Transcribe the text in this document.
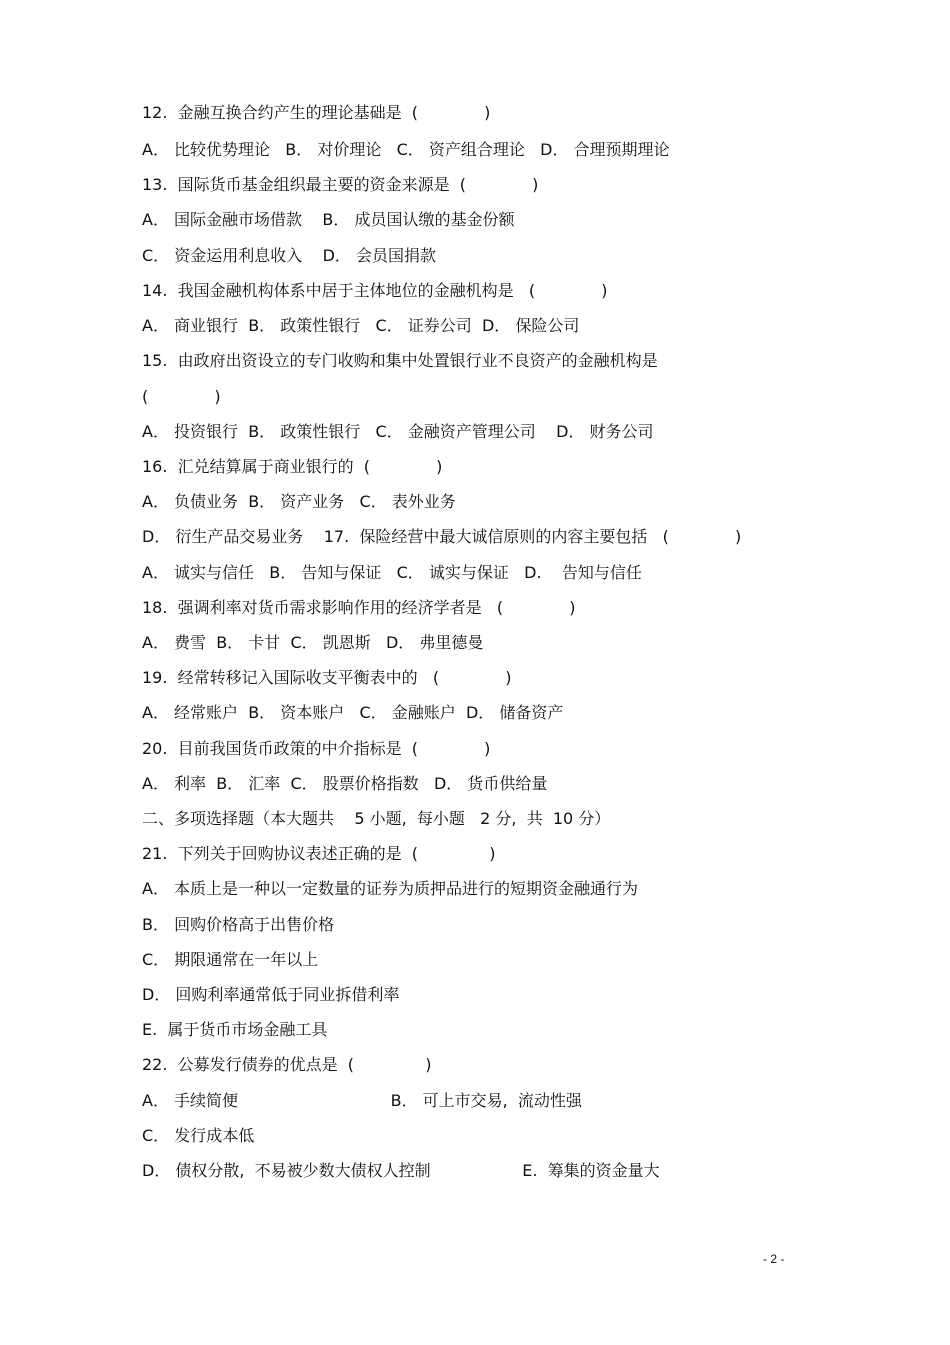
12.  金融互换合约产生的理论基础是  (             )
A． 比较优势理论   B． 对价理论   C． 资产组合理论   D． 合理预期理论
13.  国际货币基金组织最主要的资金来源是  (             )
A． 国际金融市场借款    B． 成员国认缴的基金份额
C． 资金运用利息收入    D． 会员国捐款
14.  我国金融机构体系中居于主体地位的金融机构是   (             )
A． 商业银行  B． 政策性银行   C． 证券公司  D． 保险公司
15.  由政府出资设立的专门收购和集中处置银行业不良资产的金融机构是
(             )
A． 投资银行  B． 政策性银行   C． 金融资产管理公司    D． 财务公司
16.  汇兑结算属于商业银行的  (             )
A． 负债业务  B． 资产业务   C． 表外业务
D． 衍生产品交易业务    17.  保险经营中最大诚信原则的内容主要包括   (             )
A． 诚实与信任   B． 告知与保证   C． 诚实与保证   D.    告知与信任
18.  强调利率对货币需求影响作用的经济学者是   (             )
A． 费雪  B． 卡甘  C． 凯恩斯   D． 弗里德曼
19.  经常转移记入国际收支平衡表中的   (             )
A． 经常账户  B． 资本账户   C． 金融账户  D． 储备资产
20.  目前我国货币政策的中介指标是  (             )
A． 利率  B． 汇率  C． 股票价格指数   D． 货币供给量
二、多项选择题（本大题共    5 小题,  每小题   2 分,  共  10 分）
21.  下列关于回购协议表述正确的是  (              )
A． 本质上是一种以一定数量的证券为质押品进行的短期资金融通行为
B． 回购价格高于出售价格
C． 期限通常在一年以上
D． 回购利率通常低于同业拆借利率
E.  属于货币市场金融工具
22.  公募发行债券的优点是  (              )
A． 手续简便                              B． 可上市交易,  流动性强
C． 发行成本低
D． 债权分散,  不易被少数大债权人控制                  E.  筹集的资金量大
- 2 -
